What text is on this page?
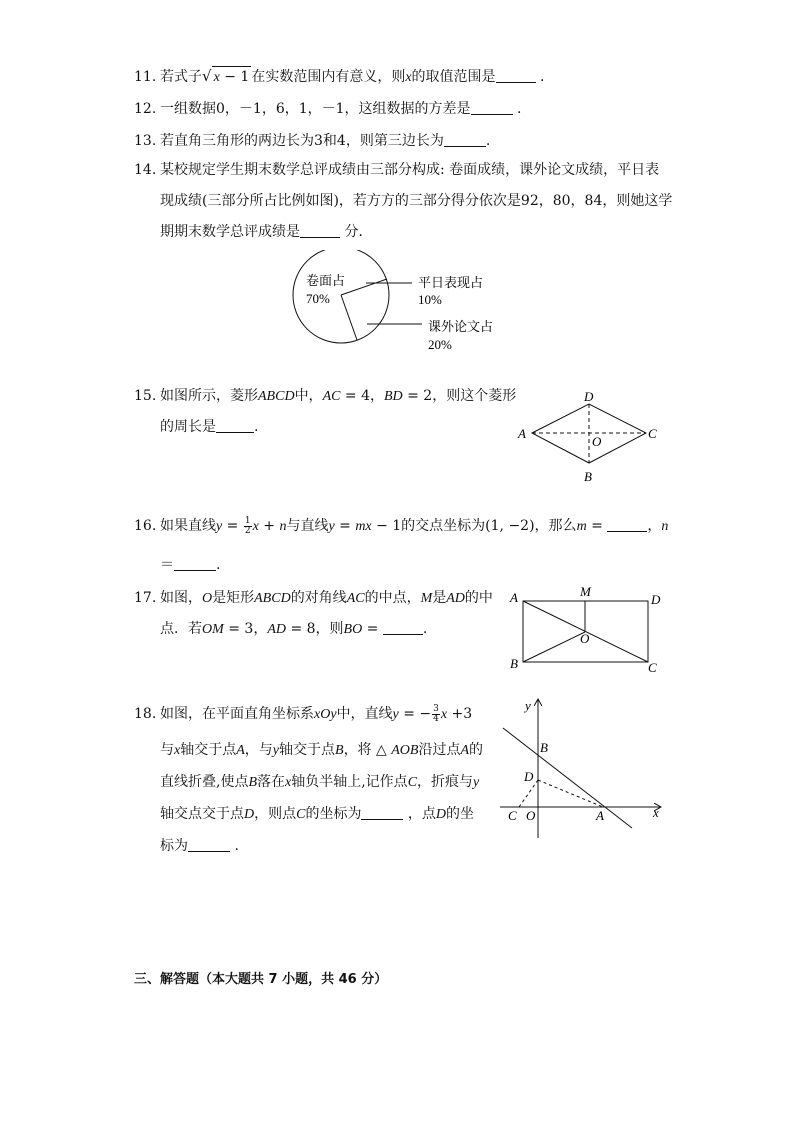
11. 若式子√ x − 1 在实数范围内有意义，则x的取值范围是	.
12. 一组数据0，－1，6，1，－1，这组数据的方差是	.
13. 若直角三角形的两边长为3和4，则第三边长为	.
14. 某校规定学生期末数学总评成绩由三部分构成: 卷面成绩，课外论文成绩，平日表
现成绩(三部分所占比例如图)，若方方的三部分得分依次是92，80，84，则她这学
期期末数学总评成绩是	分．
卷面占
70%
平日表现占
10%
课外论文占
20%
15. 如图所示，菱形ABCD中，AC = 4，BD = 2，则这个菱形
的周长是	.	A	C
D
B
O
16. 如果直线$y = \frac{1}{2}$ x + n与直线y = mx − 1的交点坐标为(1, −2)，那么m =	，n
＝	.
17. 如图，O是矩形ABCD的对角线AC的中点，M是AD的中
点．若OM = 3，AD = 8，则BO =	.
A	D
B	C
M
O
18. 如图，在平面直角坐标系xOy中，直线y = − $\frac{3}{4}$ x +3
与x轴交于点A，与y轴交于点B，将 △ AOB沿过点A的
直线折叠,使点B落在x轴负半轴上,记作点C，折痕与y
轴交点交于点D，则点C的坐标为	，点D的坐
标为	.
y
x
B
D
C O	A
三、解答题（本大题共 7 小题，共 46 分）
